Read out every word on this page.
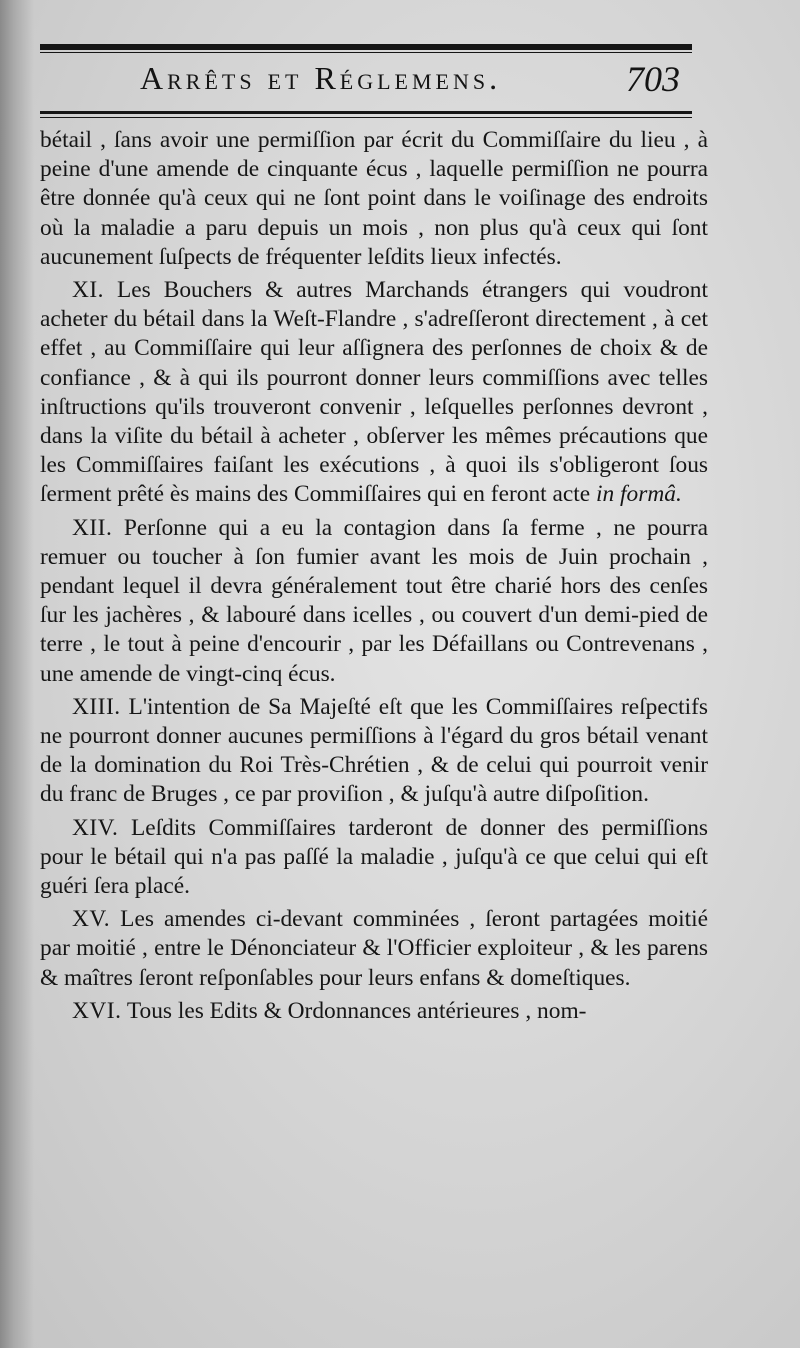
Arrêts et Réglemens.	703

bétail , ſans avoir une permiſſion par écrit du Commiſſaire du lieu , à peine d'une amende de cinquante écus , laquelle permiſſion ne pourra être donnée qu'à ceux qui ne ſont point dans le voiſinage des endroits où la maladie a paru depuis un mois , non plus qu'à ceux qui ſont aucunement ſuſpects de fréquenter leſdits lieux infectés.

XI. Les Bouchers & autres Marchands étrangers qui voudront acheter du bétail dans la Weſt-Flandre , s'adreſſeront directement , à cet effet , au Commiſſaire qui leur aſſignera des perſonnes de choix & de confiance , & à qui ils pourront donner leurs commiſſions avec telles inſtructions qu'ils trouveront convenir , leſquelles perſonnes devront , dans la viſite du bétail à acheter , obſerver les mêmes précautions que les Commiſſaires faiſant les exécutions , à quoi ils s'obligeront ſous ſerment prêté ès mains des Commiſſaires qui en feront acte in formâ.

XII. Perſonne qui a eu la contagion dans ſa ferme , ne pourra remuer ou toucher à ſon fumier avant les mois de Juin prochain , pendant lequel il devra généralement tout être charié hors des cenſes ſur les jachères , & labouré dans icelles , ou couvert d'un demi-pied de terre , le tout à peine d'encourir , par les Défaillans ou Contrevenans , une amende de vingt-cinq écus.

XIII. L'intention de Sa Majeſté eſt que les Commiſſaires reſpectifs ne pourront donner aucunes permiſſions à l'égard du gros bétail venant de la domination du Roi Très-Chrétien , & de celui qui pourroit venir du franc de Bruges , ce par proviſion , & juſqu'à autre diſpoſition.

XIV. Leſdits Commiſſaires tarderont de donner des permiſſions pour le bétail qui n'a pas paſſé la maladie , juſqu'à ce que celui qui eſt guéri ſera placé.

XV. Les amendes ci-devant comminées , ſeront partagées moitié par moitié , entre le Dénonciateur & l'Officier exploiteur , & les parens & maîtres ſeront reſponſables pour leurs enfans & domeſtiques.

XVI. Tous les Edits & Ordonnances antérieures , nom-
